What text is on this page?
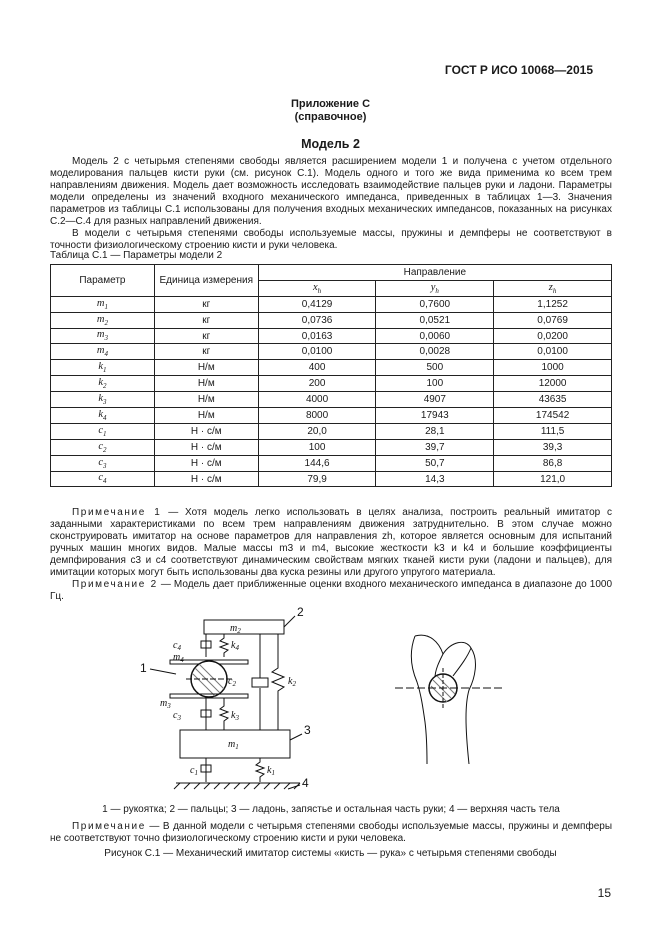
ГОСТ Р ИСО 10068—2015
Приложение С
(справочное)
Модель 2

Модель 2 с четырьмя степенями свободы является расширением модели 1 и получена с учетом отдельного моделирования пальцев кисти руки (см. рисунок С.1). Модель одного и того же вида применима ко всем трем направлениям движения. Модель дает возможность исследовать взаимодействие пальцев руки и ладони. Параметры модели определены из значений входного механического импеданса, приведенных в таблицах 1—3. Значения параметров из таблицы С.1 использованы для получения входных механических импедансов, показанных на рисунках С.2—С.4 для разных направлений движения.

В модели с четырьмя степенями свободы используемые массы, пружины и демпферы не соответствуют в точности физиологическому строению кисти и руки человека.

Таблица С.1 — Параметры модели 2
Параметр	Единица измерения	Направление		
		$x_h$	$y_h$	$z_h$
$m_1$	кг	0,4129	0,7600	1,1252
$m_2$	кг	0,0736	0,0521	0,0769
$m_3$	кг	0,0163	0,0060	0,0200
$m_4$	кг	0,0100	0,0028	0,0100
$k_1$	Н/м	400	500	1000
$k_2$	Н/м	200	100	12000
$k_3$	Н/м	4000	4907	43635
$k_4$	Н/м	8000	17943	174542
$c_1$	Н · с/м	20,0	28,1	111,5
$c_2$	Н · с/м	100	39,7	39,3
$c_3$	Н · с/м	144,6	50,7	86,8
$c_4$	Н · с/м	79,9	14,3	121,0

Примечание 1 — Хотя модель легко использовать в целях анализа, построить реальный имитатор с заданными характеристиками по всем трем направлениям движения затруднительно. В этом случае можно сконструировать имитатор на основе параметров для направления zh, которое является основным для испытаний ручных машин многих видов. Малые массы m3 и m4, высокие жесткости k3 и k4 и большие коэффициенты демпфирования c3 и c4 соответствуют динамическим свойствам мягких тканей кисти руки (ладони и пальцев), для имитации которых могут быть использованы два куска резины или другого упругого материала.

Примечание 2 — Модель дает приближенные оценки входного механического импеданса в диапазоне до 1000 Гц.

$m_2$
2
$c_4$	$k_4$
$m_4$
1
$c_2$	$k_2$
$m_3$
$c_3$	$k_3$
$m_1$
3
$c_1$	$k_1$
4
1 — рукоятка; 2 — пальцы; 3 — ладонь, запястье и остальная часть руки; 4 — верхняя часть тела

Примечание — В данной модели с четырьмя степенями свободы используемые массы, пружины и демпферы не соответствуют точно физиологическому строению кисти и руки человека.

Рисунок С.1 — Механический имитатор системы «кисть — рука» с четырьмя степенями свободы
15
